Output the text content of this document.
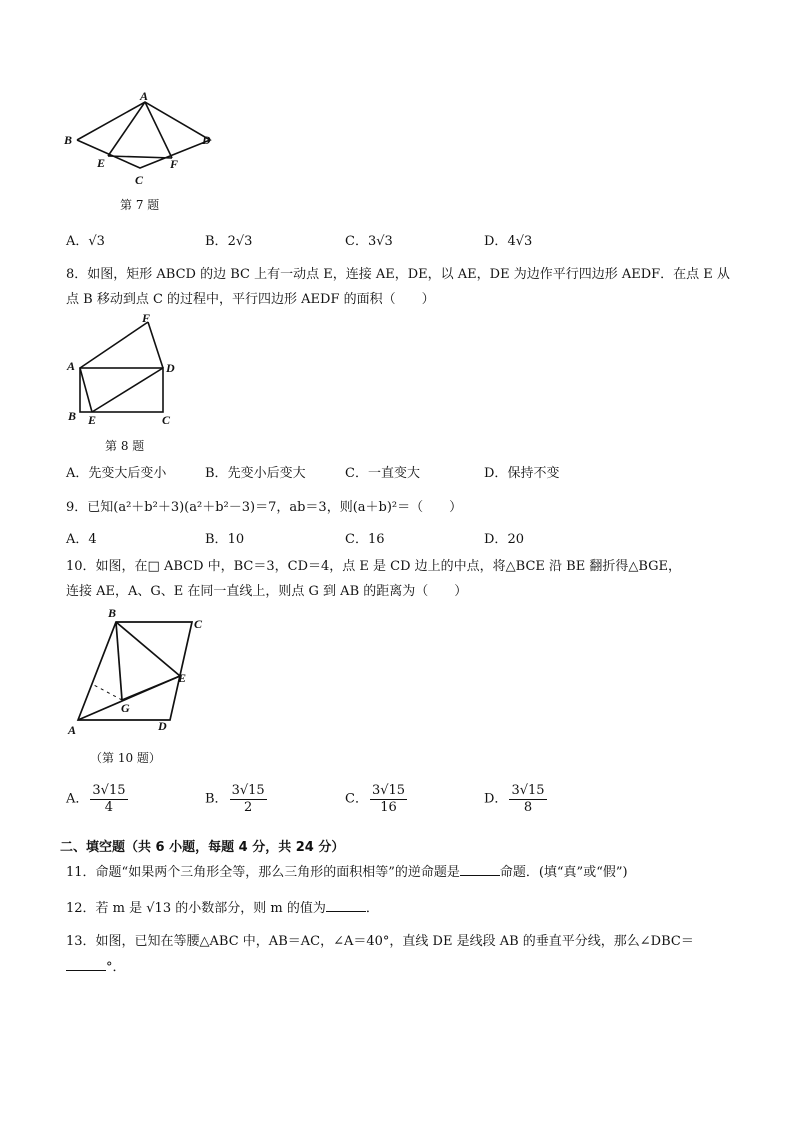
A
B	D
E	F
C
第 7 题
A．√3	B．2√3	C．3√3	D．4√3
8．如图，矩形 ABCD 的边 BC 上有一动点 E，连接 AE，DE，以 AE，DE 为边作平行四边形 AEDF．在点 E 从
点 B 移动到点 C 的过程中，平行四边形 AEDF 的面积（　　）
F
A	D
B E	C
第 8 题
A．先变大后变小	B．先变小后变大	C．一直变大	D．保持不变
9．已知(a²＋b²＋3)(a²＋b²－3)＝7，ab＝3，则(a＋b)²＝（　　）
A．4	B．10	C．16	D．20
10．如图，在□ ABCD 中，BC＝3，CD＝4，点 E 是 CD 边上的中点，将△BCE 沿 BE 翻折得△BGE，
连接 AE，A、G、E 在同一直线上，则点 G 到 AB 的距离为（　　）
B
C
E
G
A	D
（第 10 题）
A． $\frac{3√15}{4}$	B． $\frac{3√15}{2}$	C． $\frac{3√15}{16}$	D． $\frac{3√15}{8}$
二、填空题（共 6 小题，每题 4 分，共 24 分）
11．命题“如果两个三角形全等，那么三角形的面积相等”的逆命题是	命题．(填“真”或“假”)
12．若 m 是 √13 的小数部分，则 m 的值为	．
13．如图，已知在等腰△ABC 中，AB＝AC，∠A＝40°，直线 DE 是线段 AB 的垂直平分线，那么∠DBC＝
°．
